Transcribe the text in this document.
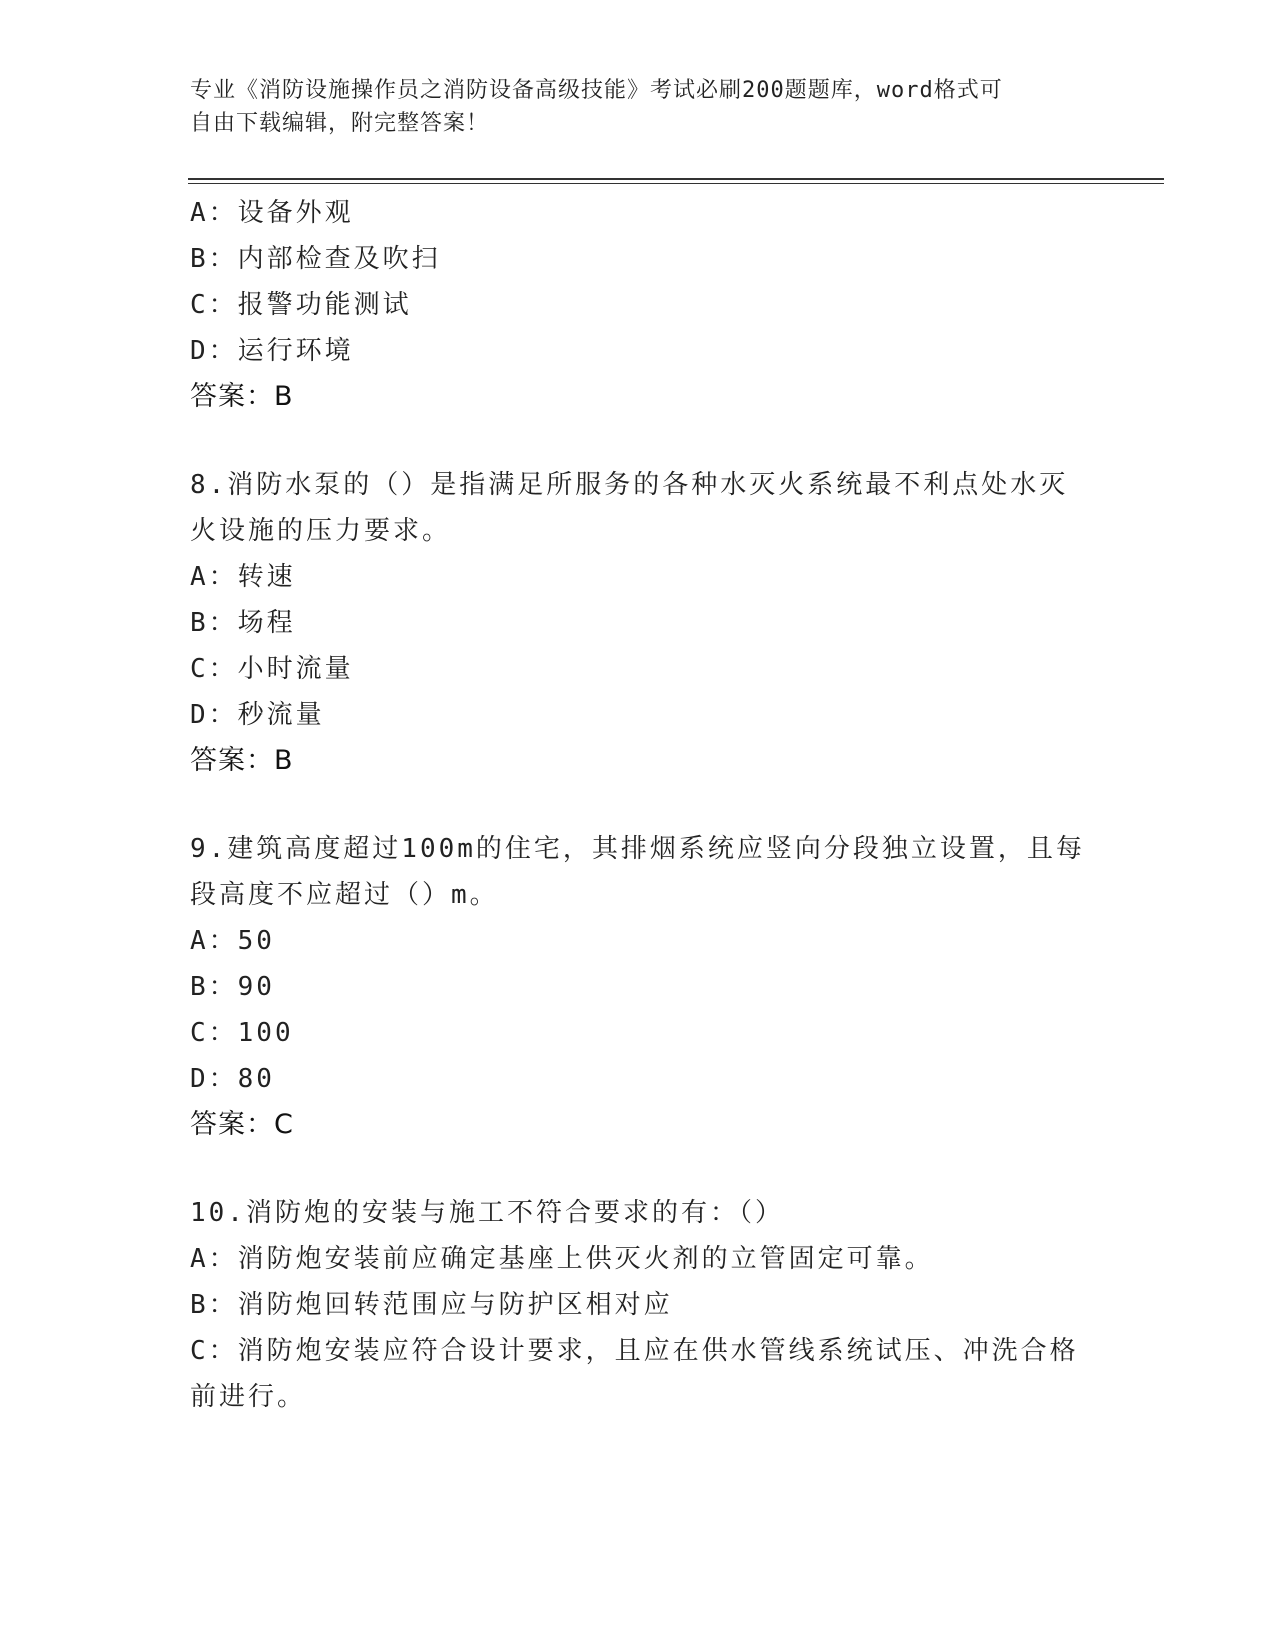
专业《消防设施操作员之消防设备高级技能》考试必刷200题题库，word格式可
自由下载编辑，附完整答案！
A：设备外观
B：内部检查及吹扫
C：报警功能测试
D：运行环境
答案：B
8.消防水泵的（）是指满足所服务的各种水灭火系统最不利点处水灭
火设施的压力要求。
A：转速
B：场程
C：小时流量
D：秒流量
答案：B
9.建筑高度超过100m的住宅，其排烟系统应竖向分段独立设置，且每
段高度不应超过（）m。
A：50
B：90
C：100
D：80
答案：C
10.消防炮的安装与施工不符合要求的有：（）
A：消防炮安装前应确定基座上供灭火剂的立管固定可靠。
B：消防炮回转范围应与防护区相对应
C：消防炮安装应符合设计要求，且应在供水管线系统试压、冲洗合格
前进行。
